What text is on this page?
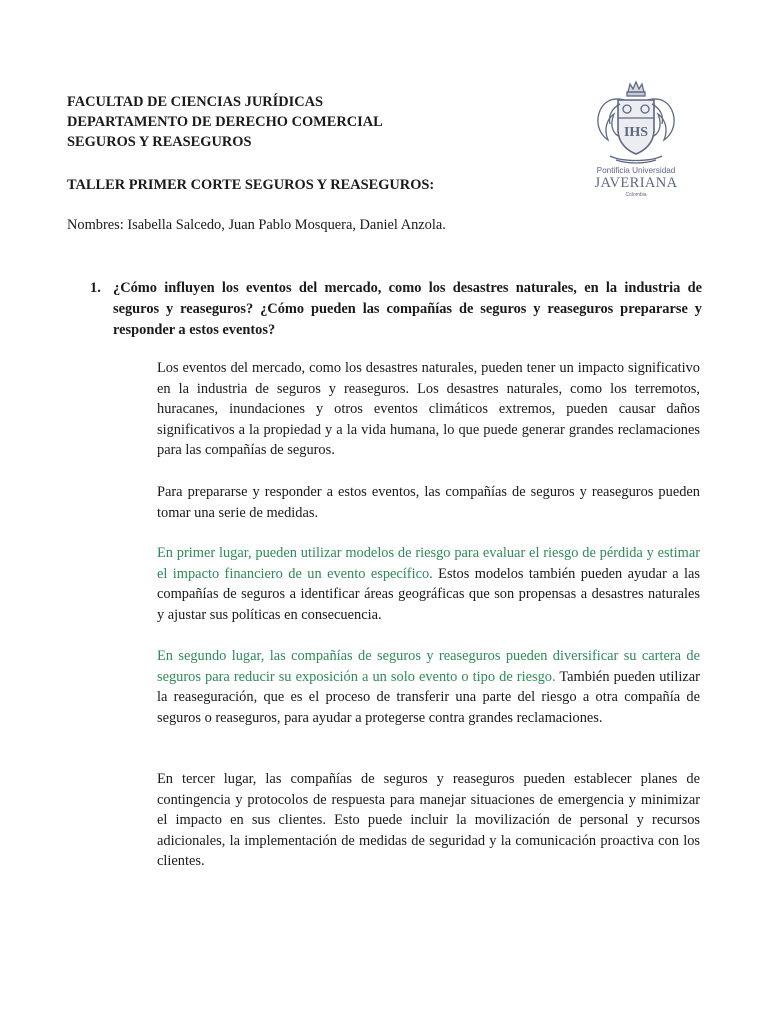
FACULTAD DE CIENCIAS JURÍDICAS
DEPARTAMENTO DE DERECHO COMERCIAL
SEGUROS Y REASEGUROS
IHS
Pontificia Universidad
JAVERIANA
Colombia
TALLER PRIMER CORTE SEGUROS Y REASEGUROS:
Nombres: Isabella Salcedo, Juan Pablo Mosquera, Daniel Anzola.
1. ¿Cómo influyen los eventos del mercado, como los desastres naturales, en la industria de seguros y reaseguros? ¿Cómo pueden las compañías de seguros y reaseguros prepararse y responder a estos eventos?
Los eventos del mercado, como los desastres naturales, pueden tener un impacto significativo en la industria de seguros y reaseguros. Los desastres naturales, como los terremotos, huracanes, inundaciones y otros eventos climáticos extremos, pueden causar daños significativos a la propiedad y a la vida humana, lo que puede generar grandes reclamaciones para las compañías de seguros.
Para prepararse y responder a estos eventos, las compañías de seguros y reaseguros pueden tomar una serie de medidas.
En primer lugar, pueden utilizar modelos de riesgo para evaluar el riesgo de pérdida y estimar el impacto financiero de un evento específico. Estos modelos también pueden ayudar a las compañías de seguros a identificar áreas geográficas que son propensas a desastres naturales y ajustar sus políticas en consecuencia.
En segundo lugar, las compañías de seguros y reaseguros pueden diversificar su cartera de seguros para reducir su exposición a un solo evento o tipo de riesgo. También pueden utilizar la reaseguración, que es el proceso de transferir una parte del riesgo a otra compañía de seguros o reaseguros, para ayudar a protegerse contra grandes reclamaciones.
En tercer lugar, las compañías de seguros y reaseguros pueden establecer planes de contingencia y protocolos de respuesta para manejar situaciones de emergencia y minimizar el impacto en sus clientes. Esto puede incluir la movilización de personal y recursos adicionales, la implementación de medidas de seguridad y la comunicación proactiva con los clientes.
